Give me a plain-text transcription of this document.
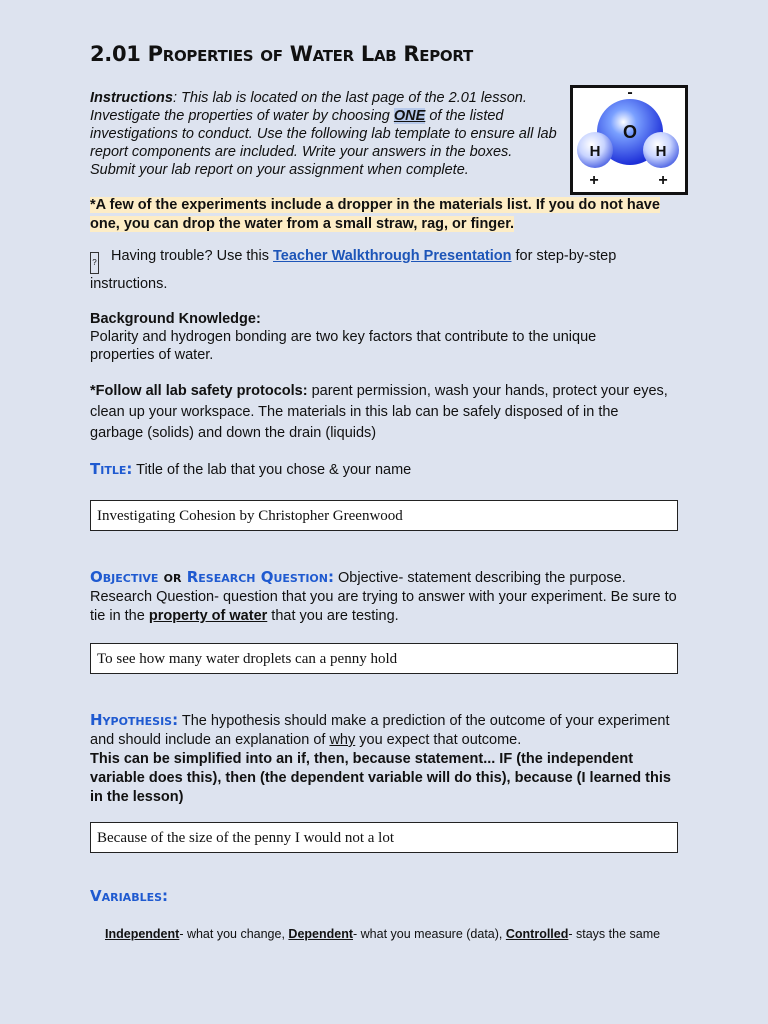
2.01 Properties of Water Lab Report
Instructions: This lab is located on the last page of the 2.01 lesson. Investigate the properties of water by choosing ONE of the listed investigations to conduct. Use the following lab template to ensure all lab report components are included. Write your answers in the boxes. Submit your lab report on your assignment when complete.
O
H	H
-
+	+
*A few of the experiments include a dropper in the materials list. If you do not have one, you can drop the water from a small straw, rag, or finger.
? Having trouble? Use this Teacher Walkthrough Presentation for step-by-step instructions.
Background Knowledge:
Polarity and hydrogen bonding are two key factors that contribute to the unique properties of water.
*Follow all lab safety protocols: parent permission, wash your hands, protect your eyes, clean up your workspace. The materials in this lab can be safely disposed of in the garbage (solids) and down the drain (liquids)
Title: Title of the lab that you chose & your name
Investigating Cohesion by Christopher Greenwood
Objective or Research Question: Objective- statement describing the purpose. Research Question- question that you are trying to answer with your experiment. Be sure to tie in the property of water that you are testing.
To see how many water droplets can a penny hold
Hypothesis: The hypothesis should make a prediction of the outcome of your experiment and should include an explanation of why you expect that outcome.
This can be simplified into an if, then, because statement... IF (the independent variable does this), then (the dependent variable will do this), because (I learned this in the lesson)
Because of the size of the penny I would not a lot
Variables:
Independent- what you change, Dependent- what you measure (data), Controlled- stays the same
